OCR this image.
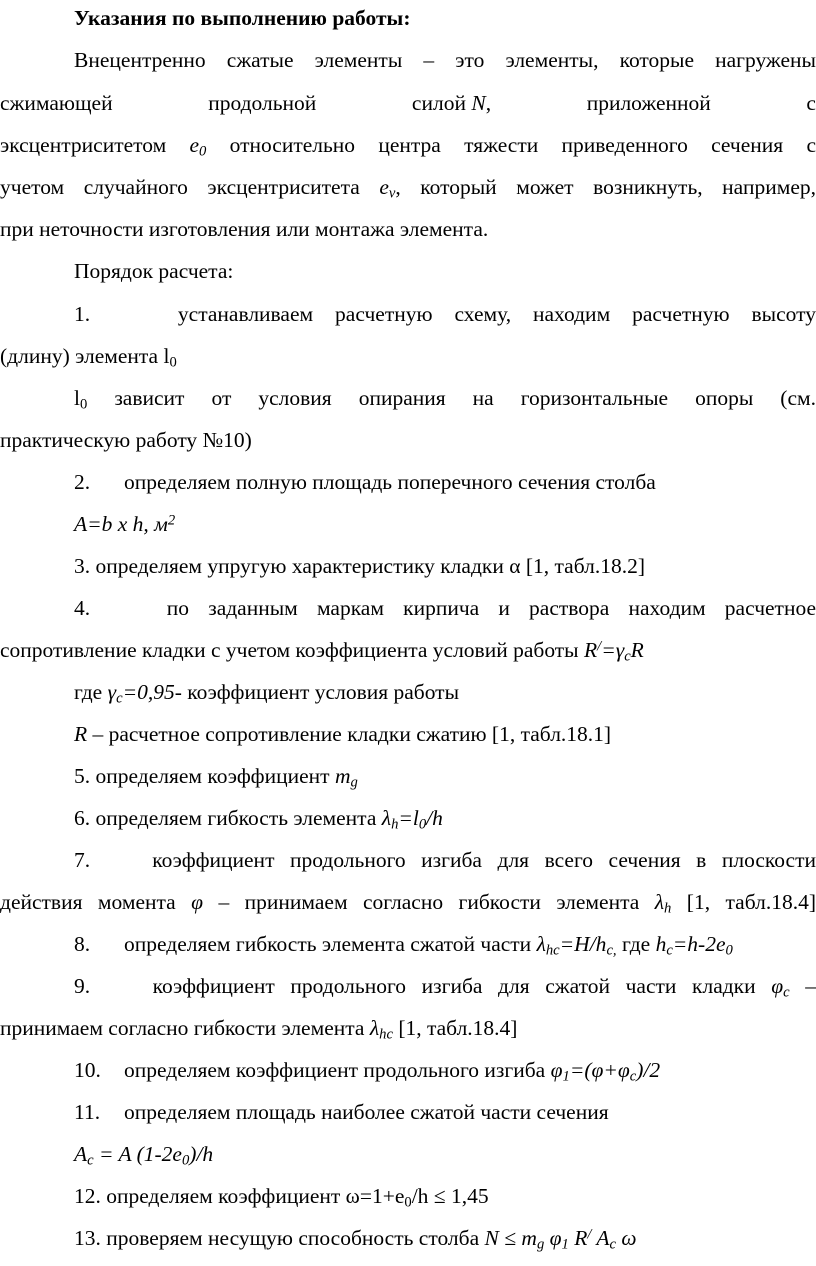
Указания по выполнению работы:
Внецентренно сжатые элементы – это элементы, которые нагружены
сжимающей	продольной	силой N,	приложенной	с
эксцентриситетом $e_0$ относительно центра тяжести приведенного сечения с
учетом случайного эксцентриситета $e_v$, который может возникнуть, например,
при неточности изготовления или монтажа элемента.
Порядок расчета:
1.	устанавливаем расчетную схему, находим расчетную высоту
(длину) элемента $l_0$
$l_0$ зависит от условия опирания на горизонтальные опоры (см.
практическую работу №10)
2. определяем полную площадь поперечного сечения столба
A=b x h, $м^2$
3. определяем упругую характеристику кладки α [1, табл.18.2]
4.	по заданным маркам кирпича и раствора находим расчетное
сопротивление кладки с учетом коэффициента условий работы $R^/=\gamma_cR$
где $\gamma_c=0,95-$ коэффициент условия работы
R – расчетное сопротивление кладки сжатию [1, табл.18.1]
5. определяем коэффициент $m_g$
6. определяем гибкость элемента $\lambda_h=l_0/h$
7.	коэффициент продольного изгиба для всего сечения в плоскости
действия момента φ – принимаем согласно гибкости элемента $\lambda_h$ [1, табл.18.4]
8. определяем гибкость элемента сжатой части $\lambda_{hc}=H/h_{c,}$ где $h_c=h-2e_0$
9.	коэффициент продольного изгиба для сжатой части кладки $\varphi_c$ –
принимаем согласно гибкости элемента $\lambda_{hc}$ [1, табл.18.4]
10. определяем коэффициент продольного изгиба $\varphi_1=(\varphi+\varphi_c)/2$
11. определяем площадь наиболее сжатой части сечения
$A_c = A$ $(1-2e_0)/h$
12. определяем коэффициент $\omega=1+e_0/h \le 1,45$
13. проверяем несущую способность столба $N \le m_g$ $\varphi_1$ R/ $A_c$ ω
